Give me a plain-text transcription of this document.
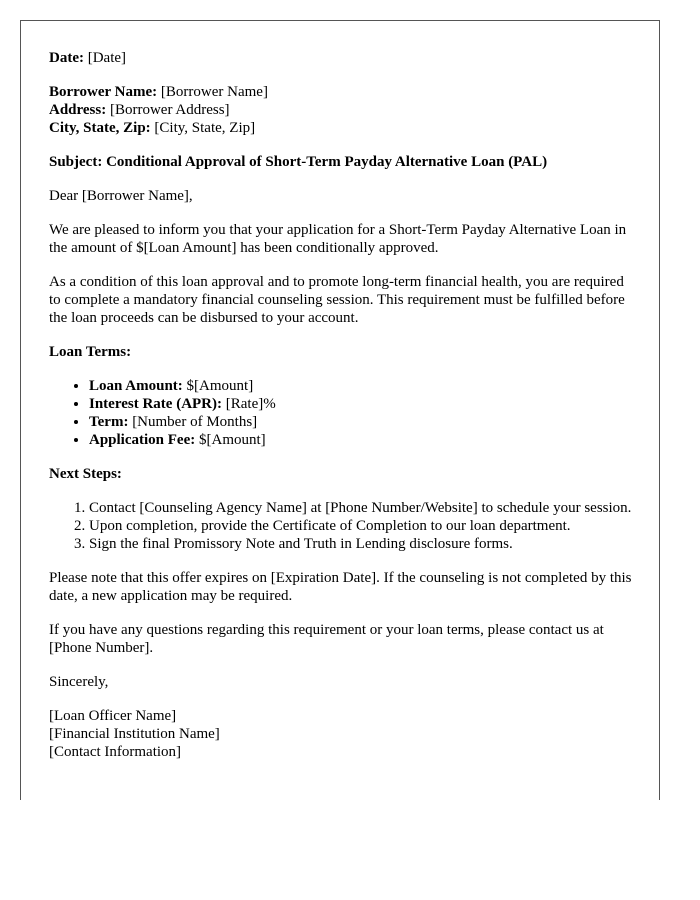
Date: [Date]

Borrower Name: [Borrower Name]

Address: [Borrower Address]

City, State, Zip: [City, State, Zip]

Subject: Conditional Approval of Short-Term Payday Alternative Loan (PAL)

Dear [Borrower Name],

We are pleased to inform you that your application for a Short-Term Payday Alternative Loan in the amount of $[Loan Amount] has been conditionally approved.

As a condition of this loan approval and to promote long-term financial health, you are required to complete a mandatory financial counseling session. This requirement must be fulfilled before the loan proceeds can be disbursed to your account.

Loan Terms:

• Loan Amount: $[Amount]
• Interest Rate (APR): [Rate]%
• Term: [Number of Months]
• Application Fee: $[Amount]

Next Steps:

1. Contact [Counseling Agency Name] at [Phone Number/Website] to schedule your session.
2. Upon completion, provide the Certificate of Completion to our loan department.
3. Sign the final Promissory Note and Truth in Lending disclosure forms.

Please note that this offer expires on [Expiration Date]. If the counseling is not completed by this date, a new application may be required.

If you have any questions regarding this requirement or your loan terms, please contact us at [Phone Number].

Sincerely,

[Loan Officer Name]

[Financial Institution Name]

[Contact Information]
